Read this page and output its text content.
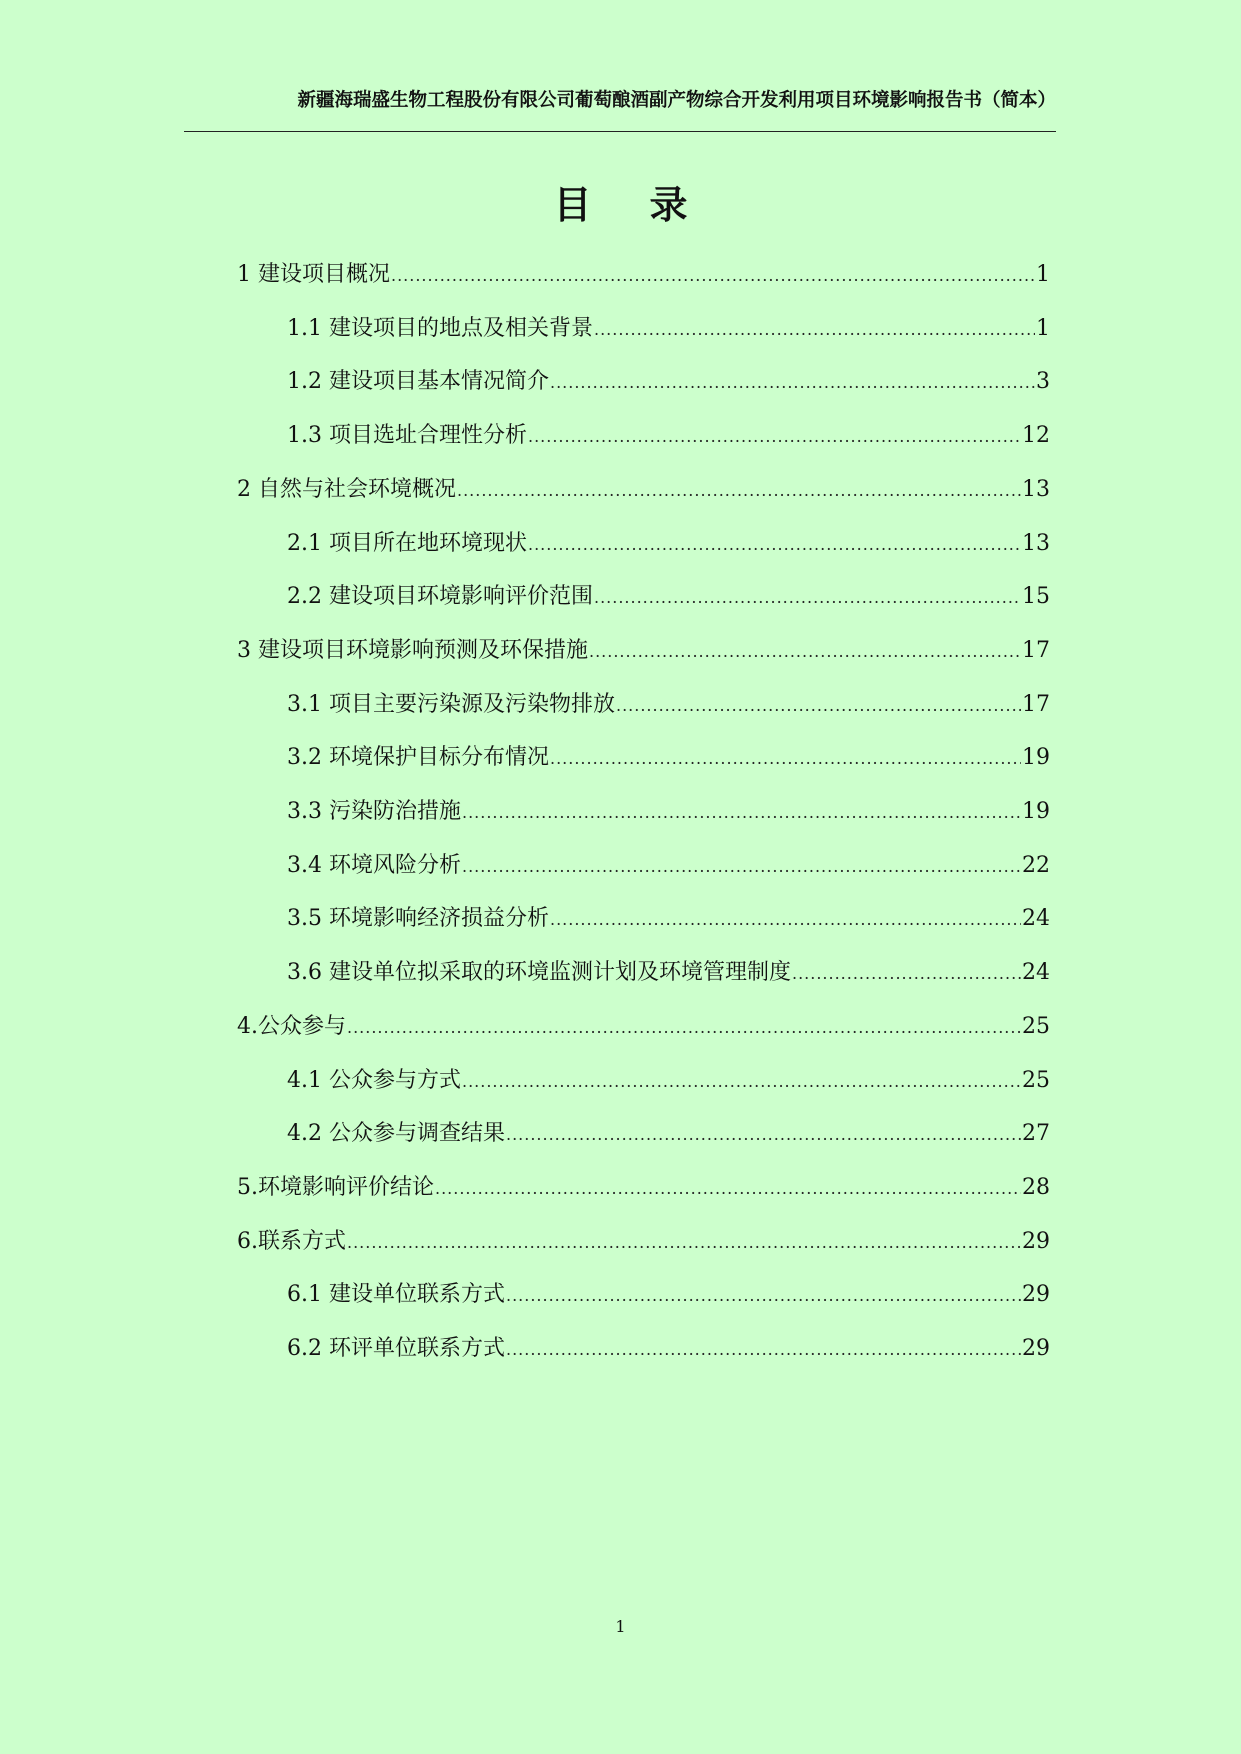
新疆海瑞盛生物工程股份有限公司葡萄酿酒副产物综合开发利用项目环境影响报告书（简本）
目 录
1 建设项目概况 .....	1
1.1 建设项目的地点及相关背景 .....	1
1.2 建设项目基本情况简介 .....	3
1.3 项目选址合理性分析 .....	12
2 自然与社会环境概况 .....	13
2.1 项目所在地环境现状 .....	13
2.2 建设项目环境影响评价范围 .....	15
3 建设项目环境影响预测及环保措施 .....	17
3.1 项目主要污染源及污染物排放 .....	17
3.2 环境保护目标分布情况 .....	19
3.3 污染防治措施 .....	19
3.4 环境风险分析 .....	22
3.5 环境影响经济损益分析 .....	24
3.6 建设单位拟采取的环境监测计划及环境管理制度 .....	24
4.公众参与 .....	25
4.1 公众参与方式 .....	25
4.2 公众参与调查结果 .....	27
5.环境影响评价结论 .....	28
6.联系方式 .....	29
6.1 建设单位联系方式 .....	29
6.2 环评单位联系方式 .....	29
1
